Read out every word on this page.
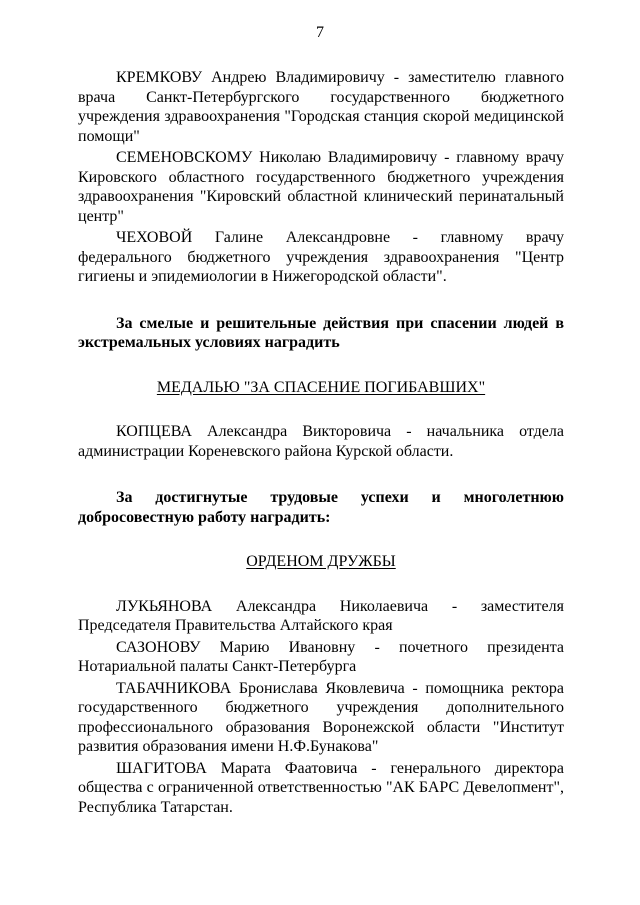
7

КРЕМКОВУ Андрею Владимировичу - заместителю главного врача Санкт-Петербургского государственного бюджетного учреждения здравоохранения "Городская станция скорой медицинской помощи"

СЕМЕНОВСКОМУ Николаю Владимировичу - главному врачу Кировского областного государственного бюджетного учреждения здравоохранения "Кировский областной клинический перинатальный центр"

ЧЕХОВОЙ Галине Александровне - главному врачу федерального бюджетного учреждения здравоохранения "Центр гигиены и эпидемиологии в Нижегородской области".

За смелые и решительные действия при спасении людей в экстремальных условиях наградить

МЕДАЛЬЮ "ЗА СПАСЕНИЕ ПОГИБАВШИХ"

КОПЦЕВА Александра Викторовича - начальника отдела администрации Кореневского района Курской области.

За достигнутые трудовые успехи и многолетнюю добросовестную работу наградить:

ОРДЕНОМ ДРУЖБЫ

ЛУКЬЯНОВА Александра Николаевича - заместителя Председателя Правительства Алтайского края

САЗОНОВУ Марию Ивановну - почетного президента Нотариальной палаты Санкт-Петербурга

ТАБАЧНИКОВА Бронислава Яковлевича - помощника ректора государственного бюджетного учреждения дополнительного профессионального образования Воронежской области "Институт развития образования имени Н.Ф.Бунакова"

ШАГИТОВА Марата Фаатовича - генерального директора общества с ограниченной ответственностью "АК БАРС Девелопмент", Республика Татарстан.
